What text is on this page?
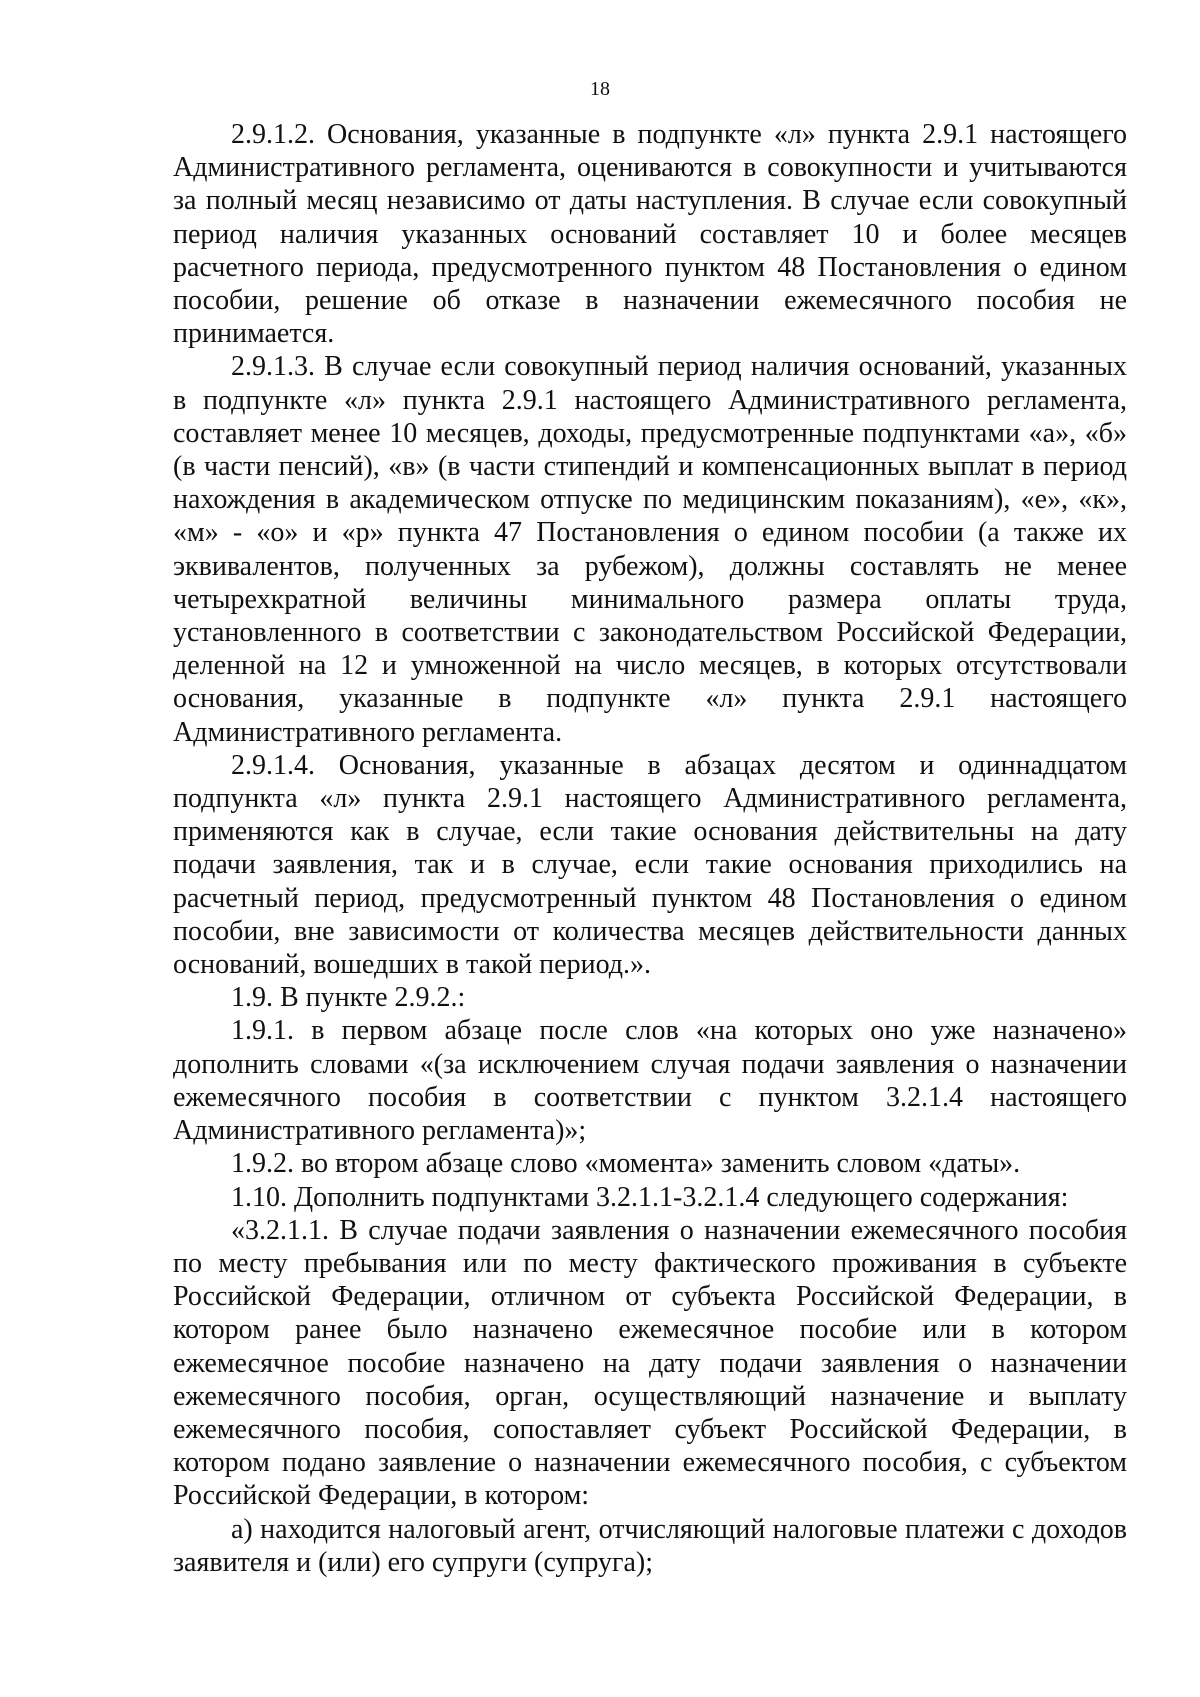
18

2.9.1.2. Основания, указанные в подпункте «л» пункта 2.9.1 настоящего Административного регламента, оцениваются в совокупности и учитываются за полный месяц независимо от даты наступления. В случае если совокупный период наличия указанных оснований составляет 10 и более месяцев расчетного периода, предусмотренного пунктом 48 Постановления о едином пособии, решение об отказе в назначении ежемесячного пособия не принимается.

2.9.1.3. В случае если совокупный период наличия оснований, указанных в подпункте «л» пункта 2.9.1 настоящего Административного регламента, составляет менее 10 месяцев, доходы, предусмотренные подпунктами «а», «б» (в части пенсий), «в» (в части стипендий и компенсационных выплат в период нахождения в академическом отпуске по медицинским показаниям), «е», «к», «м» - «о» и «р» пункта 47 Постановления о едином пособии (а также их эквивалентов, полученных за рубежом), должны составлять не менее четырехкратной величины минимального размера оплаты труда, установленного в соответствии с законодательством Российской Федерации, деленной на 12 и умноженной на число месяцев, в которых отсутствовали основания, указанные в подпункте «л» пункта 2.9.1 настоящего Административного регламента.

2.9.1.4. Основания, указанные в абзацах десятом и одиннадцатом подпункта «л» пункта 2.9.1 настоящего Административного регламента, применяются как в случае, если такие основания действительны на дату подачи заявления, так и в случае, если такие основания приходились на расчетный период, предусмотренный пунктом 48 Постановления о едином пособии, вне зависимости от количества месяцев действительности данных оснований, вошедших в такой период.».

1.9. В пункте 2.9.2.:

1.9.1. в первом абзаце после слов «на которых оно уже назначено» дополнить словами «(за исключением случая подачи заявления о назначении ежемесячного пособия в соответствии с пунктом 3.2.1.4 настоящего Административного регламента)»;

1.9.2. во втором абзаце слово «момента» заменить словом «даты».

1.10. Дополнить подпунктами 3.2.1.1-3.2.1.4 следующего содержания:

«3.2.1.1. В случае подачи заявления о назначении ежемесячного пособия по месту пребывания или по месту фактического проживания в субъекте Российской Федерации, отличном от субъекта Российской Федерации, в котором ранее было назначено ежемесячное пособие или в котором ежемесячное пособие назначено на дату подачи заявления о назначении ежемесячного пособия, орган, осуществляющий назначение и выплату ежемесячного пособия, сопоставляет субъект Российской Федерации, в котором подано заявление о назначении ежемесячного пособия, с субъектом Российской Федерации, в котором:

а) находится налоговый агент, отчисляющий налоговые платежи с доходов заявителя и (или) его супруги (супруга);
